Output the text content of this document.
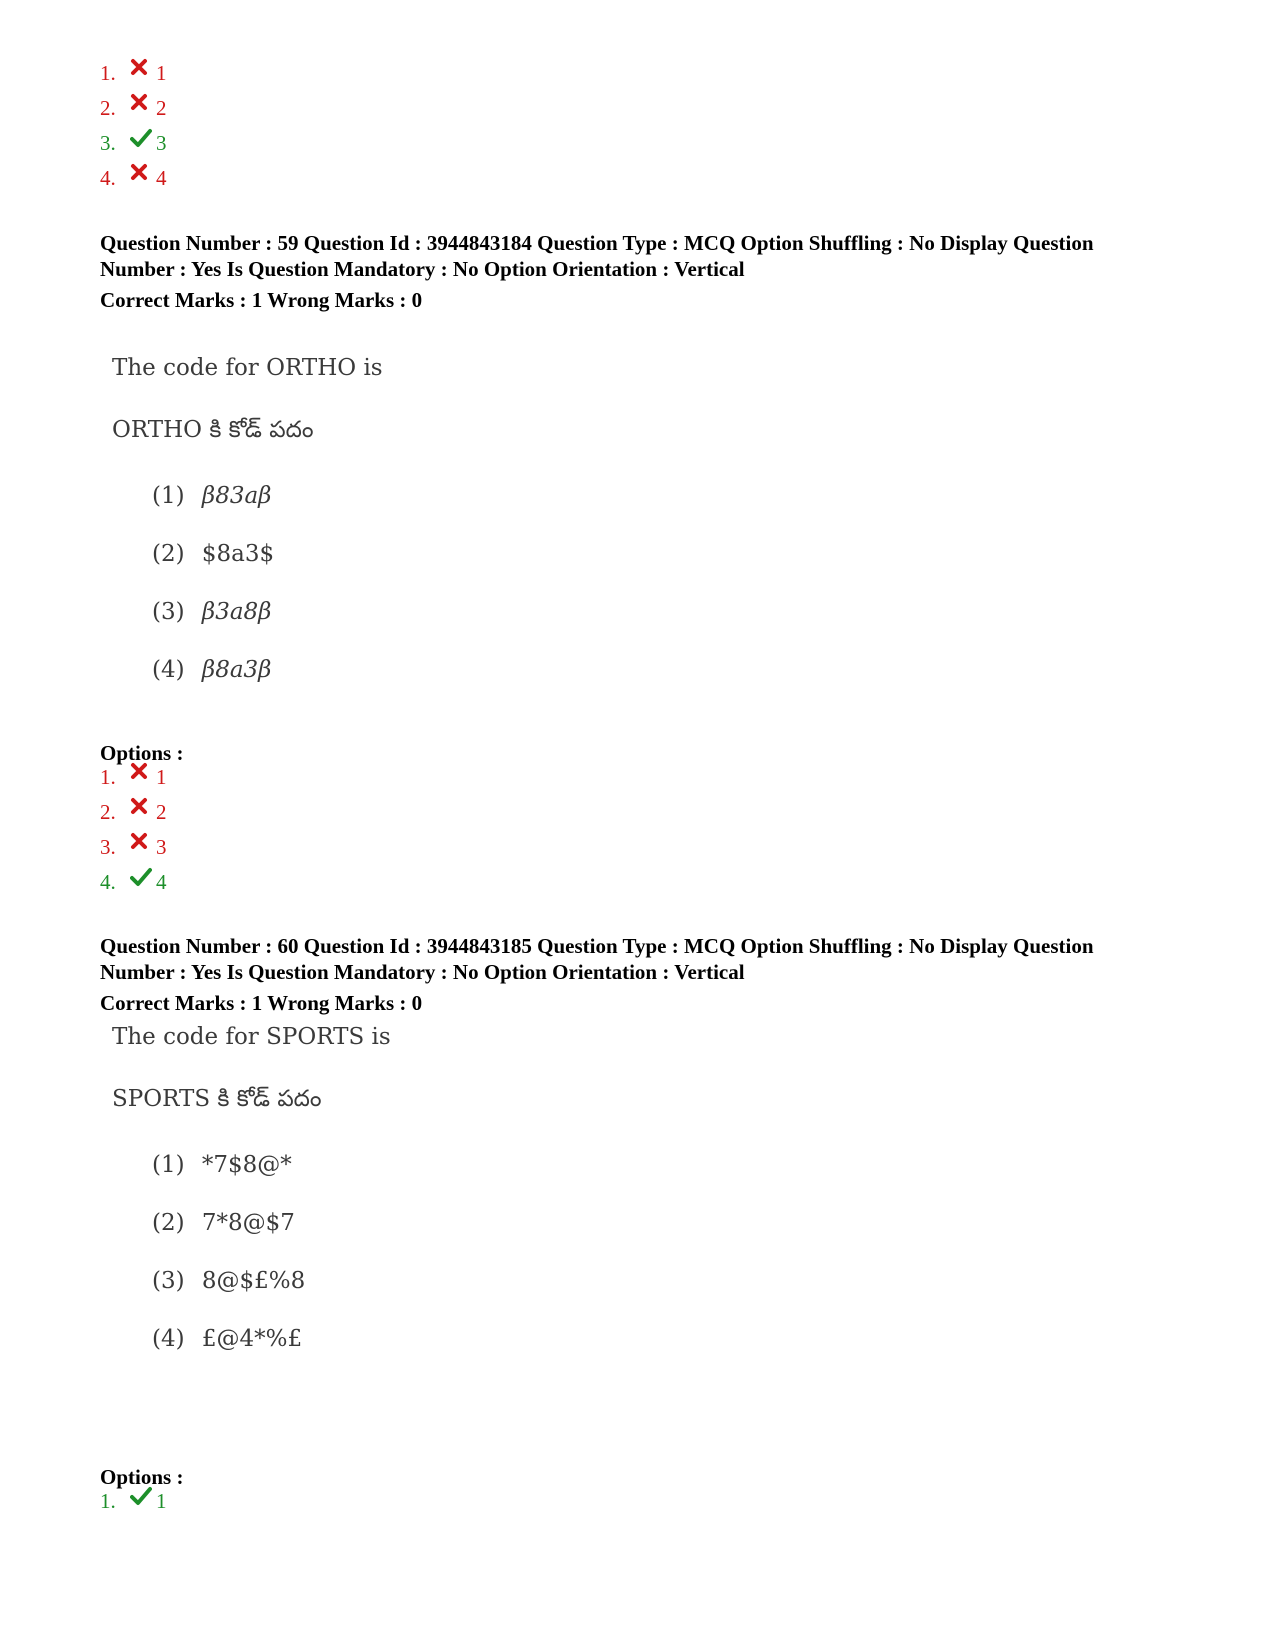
1.	1
2.	2
3.	3
4.	4

Question Number : 59 Question Id : 3944843184 Question Type : MCQ Option Shuffling : No Display Question

Number : Yes Is Question Mandatory : No Option Orientation : Vertical

Correct Marks : 1 Wrong Marks : 0

The code for ORTHO is
ORTHO కి కోడ్ పదం
(1) β83aβ
(2) $8a3$
(3) β3a8β
(4) β8a3β
Options :
1.	1
2.	2
3.	3
4.	4

Question Number : 60 Question Id : 3944843185 Question Type : MCQ Option Shuffling : No Display Question

Number : Yes Is Question Mandatory : No Option Orientation : Vertical

Correct Marks : 1 Wrong Marks : 0

The code for SPORTS is
SPORTS కి కోడ్ పదం
(1) *7$8@*
(2) 7*8@$7
(3) 8@$£%8
(4) £@4*%£
Options :
1.	1
